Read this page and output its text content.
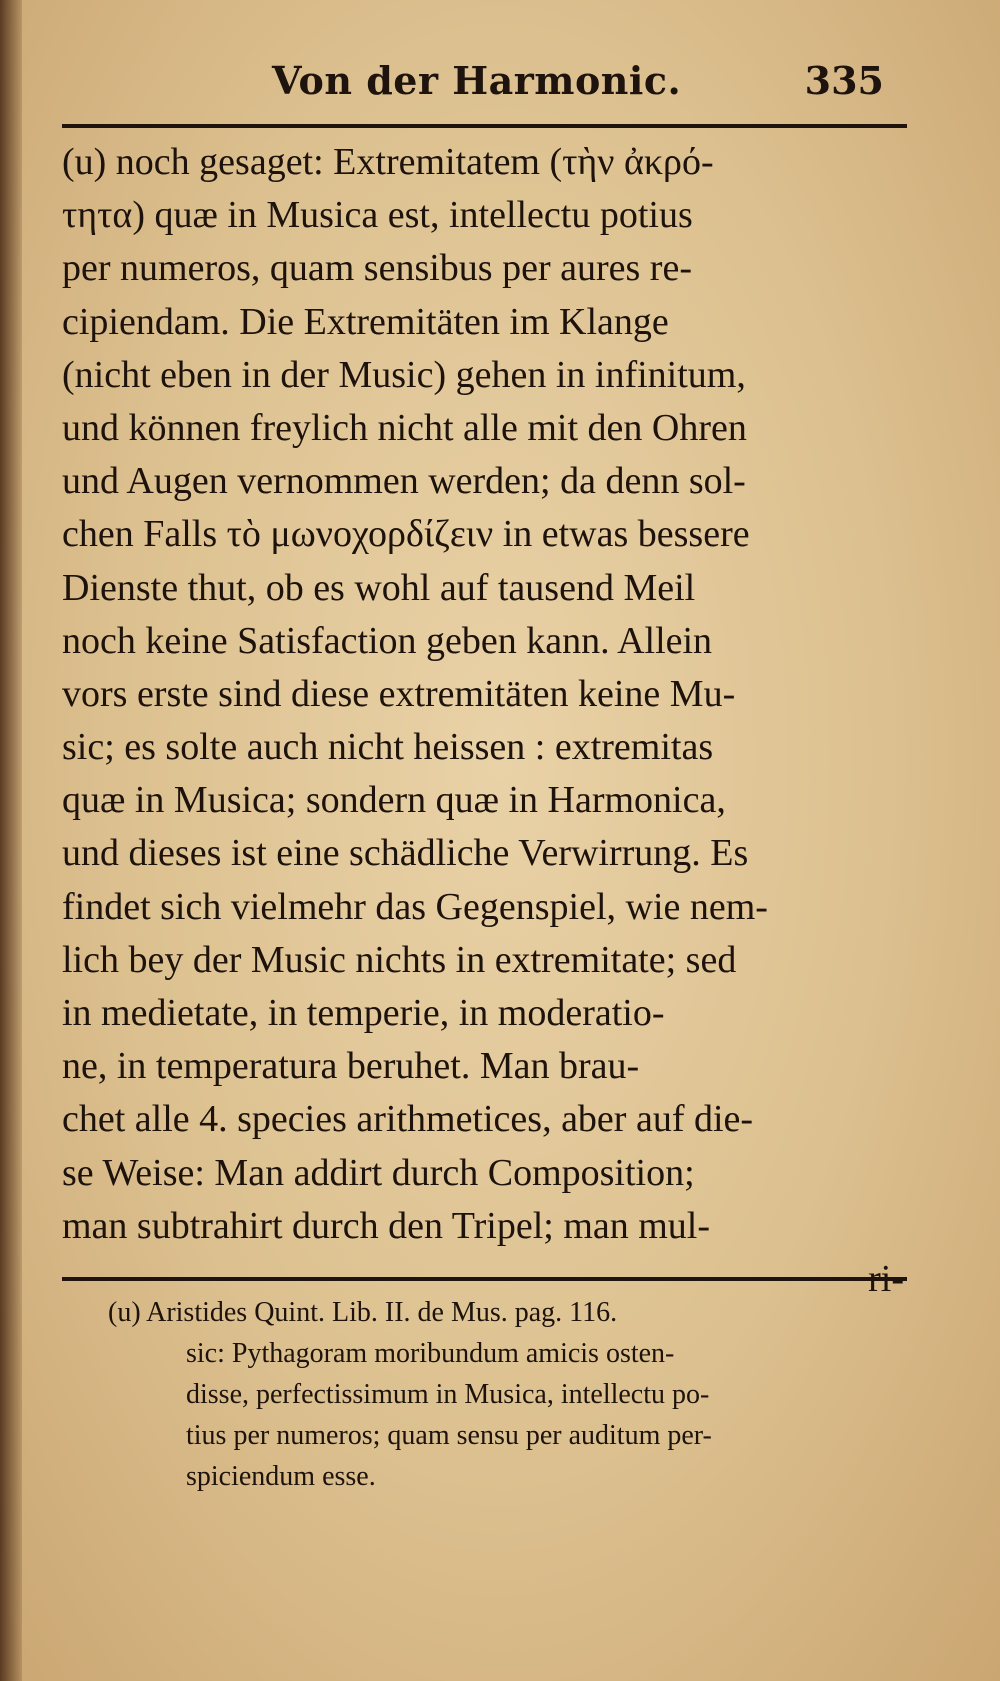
Von der Harmonic.	335
(u) noch gesaget: Extremitatem (τὴν ἀκρό-
τητα) quæ in Musica est, intellectu potius
per numeros, quam sensibus per aures re-
cipiendam. Die Extremitäten im Klange
(nicht eben in der Music) gehen in infinitum,
und können freylich nicht alle mit den Ohren
und Augen vernommen werden; da denn sol-
chen Falls τὸ μωνοχορδίζειν in etwas bessere
Dienste thut, ob es wohl auf tausend Meil
noch keine Satisfaction geben kann. Allein
vors erste sind diese extremitäten keine Mu-
sic; es solte auch nicht heissen : extremitas
quæ in Musica; sondern quæ in Harmonica,
und dieses ist eine schädliche Verwirrung. Es
findet sich vielmehr das Gegenspiel, wie nem-
lich bey der Music nichts in extremitate; sed
in medietate, in temperie, in moderatio-
ne, in temperatura beruhet. Man brau-
chet alle 4. species arithmetices, aber auf die-
se Weise: Man addirt durch Composition;
man subtrahirt durch den Tripel; man mul-
ri-
(u) Aristides Quint. Lib. II. de Mus. pag. 116.
sic: Pythagoram moribundum amicis osten-
disse, perfectissimum in Musica, intellectu po-
tius per numeros; quam sensu per auditum per-
spiciendum esse.
